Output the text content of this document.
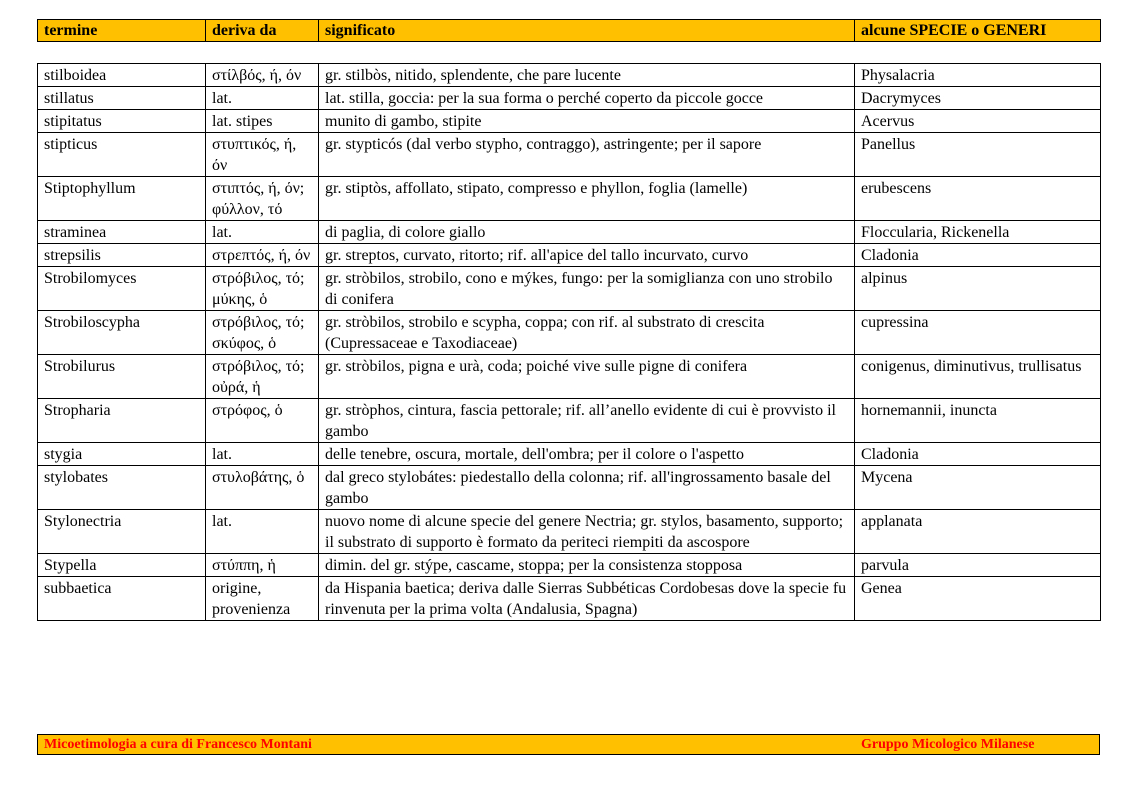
termine	deriva da	significato	alcune SPECIE o GENERI
stilboidea	στίλβός, ή, όν	gr. stilbòs, nitido, splendente, che pare lucente	Physalacria
stillatus	lat.	lat. stilla, goccia: per la sua forma o perché coperto da piccole gocce	Dacrymyces
stipitatus	lat. stipes	munito di gambo, stipite	Acervus
stipticus	στυπτικός, ή, όν	gr. stypticós (dal verbo stypho, contraggo), astringente; per il sapore	Panellus
Stiptophyllum	στιπτός, ή, όν; φύλλον, τό	gr. stiptòs, affollato, stipato, compresso e phyllon, foglia (lamelle)	erubescens
straminea	lat.	di paglia, di colore giallo	Floccularia, Rickenella
strepsilis	στρεπτός, ή, όν	gr. streptos, curvato, ritorto; rif. all'apice del tallo incurvato, curvo	Cladonia
Strobilomyces	στρόβιλος, τό; μύκης, ὁ	gr. stròbilos, strobilo, cono e mýkes, fungo: per la somiglianza con uno strobilo di conifera	alpinus
Strobiloscypha	στρόβιλος, τό; σκύφος, ὁ	gr. stròbilos, strobilo e scypha, coppa; con rif. al substrato di crescita (Cupressaceae e Taxodiaceae)	cupressina
Strobilurus	στρόβιλος, τό; οὐρά, ἡ	gr. stròbilos, pigna e urà, coda; poiché vive sulle pigne di conifera	conigenus, diminutivus, trullisatus
Stropharia	στρόφος, ὁ	gr. stròphos, cintura, fascia pettorale; rif. all’anello evidente di cui è provvisto il gambo	hornemannii, inuncta
stygia	lat.	delle tenebre, oscura, mortale, dell'ombra; per il colore o l'aspetto	Cladonia
stylobates	στυλοβάτης, ὁ	dal greco stylobátes: piedestallo della colonna; rif. all'ingrossamento basale del gambo	Mycena
Stylonectria	lat.	nuovo nome di alcune specie del genere Nectria; gr. stylos, basamento, supporto; il substrato di supporto è formato da periteci riempiti da ascospore	applanata
Stypella	στύππη, ἡ	dimin. del gr. stýpe, cascame, stoppa; per la consistenza stopposa	parvula
subbaetica	origine, provenienza	da Hispania baetica; deriva dalle Sierras Subbéticas Cordobesas dove la specie fu rinvenuta per la prima volta (Andalusia, Spagna)	Genea
Micoetimologia a cura di Francesco Montani	Gruppo Micologico Milanese
